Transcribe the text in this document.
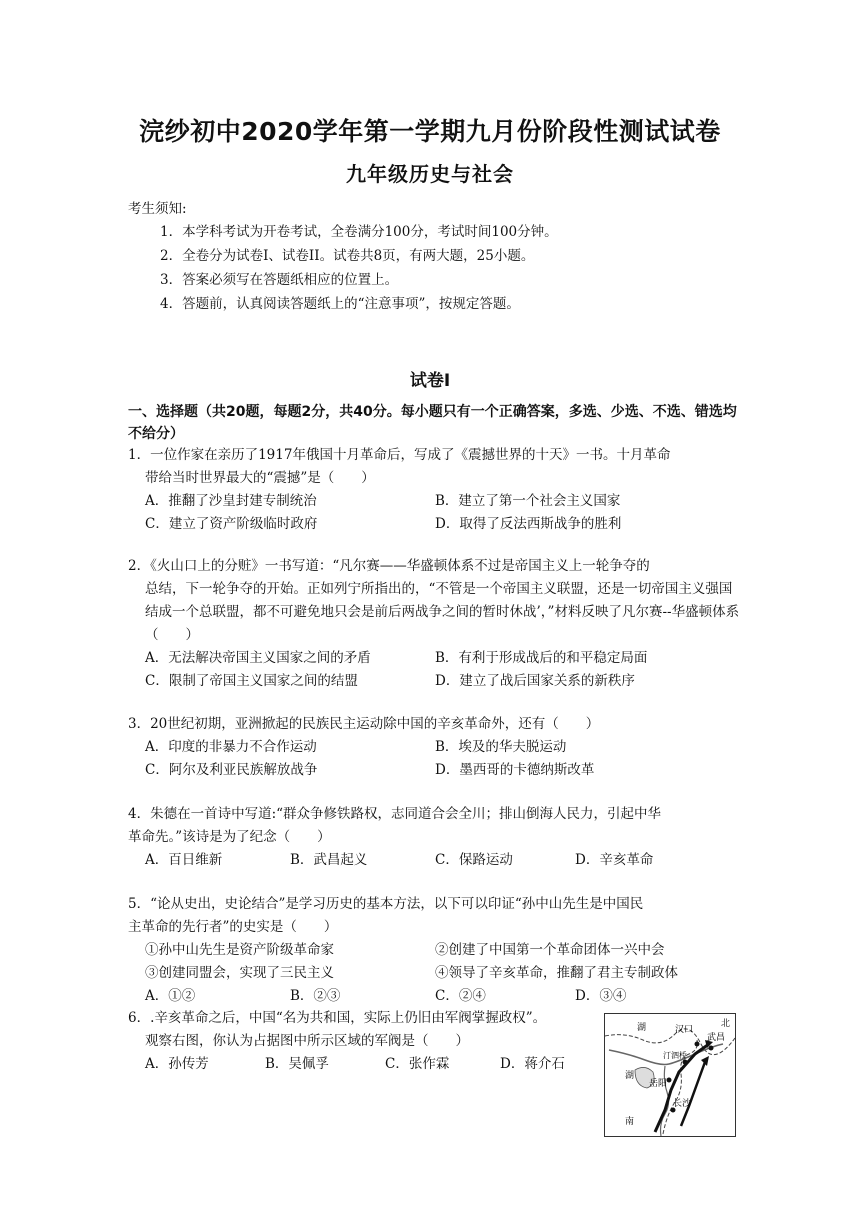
浣纱初中2020学年第一学期九月份阶段性测试试卷
九年级历史与社会
考生须知:
1．本学科考试为开卷考试，全卷满分100分，考试时间100分钟。
2．全卷分为试卷I、试卷II。试卷共8页，有两大题，25小题。
3．答案必须写在答题纸相应的位置上。
4．答题前，认真阅读答题纸上的“注意事项”，按规定答题。
试卷I
一、选择题（共20题，每题2分，共40分。每小题只有一个正确答案，多选、少选、不选、错选均不给分）
1．一位作家在亲历了1917年俄国十月革命后，写成了《震撼世界的十天》一书。十月革命
带给当时世界最大的“震撼”是（　　）
A．推翻了沙皇封建专制统治	B．建立了第一个社会主义国家
C．建立了资产阶级临时政府	D．取得了反法西斯战争的胜利
2．《火山口上的分赃》一书写道：“凡尔赛——华盛顿体系不过是帝国主义上一轮争夺的
总结，下一轮争夺的开始。正如列宁所指出的，“不管是一个帝国主义联盟，还是一切帝国主义强国结成一个总联盟，都不可避免地只会是前后两战争之间的暂时休战’，”材料反映了凡尔赛--华盛顿体系（　　）
A．无法解决帝国主义国家之间的矛盾	B．有利于形成战后的和平稳定局面
C．限制了帝国主义国家之间的结盟	D．建立了战后国家关系的新秩序
3．20世纪初期，亚洲掀起的民族民主运动除中国的辛亥革命外，还有（　　）
A．印度的非暴力不合作运动	B．埃及的华夫脱运动
C．阿尔及利亚民族解放战争	D．墨西哥的卡德纳斯改革
4．朱德在一首诗中写道:“群众争修铁路权，志同道合会全川；排山倒海人民力，引起中华
革命先。”该诗是为了纪念（　　）
A．百日维新	B．武昌起义	C．保路运动	D．辛亥革命
5．“论从史出，史论结合”是学习历史的基本方法，以下可以印证“孙中山先生是中国民
主革命的先行者”的史实是（　　）
①孙中山先生是资产阶级革命家	②创建了中国第一个革命团体一兴中会
③创建同盟会，实现了三民主义	④领导了辛亥革命，推翻了君主专制政体
A．①②	B．②③	C．②④	D．③④
6．.辛亥革命之后，中国“名为共和国，实际上仍旧由军阀掌握政权”。
观察右图，你认为占据图中所示区域的军阀是（　　）
A．孙传芳	B．吴佩孚	C．张作霖	D．蒋介石
湖	北
汉口
武昌
汀泗桥
湖
岳阳
长沙
南
